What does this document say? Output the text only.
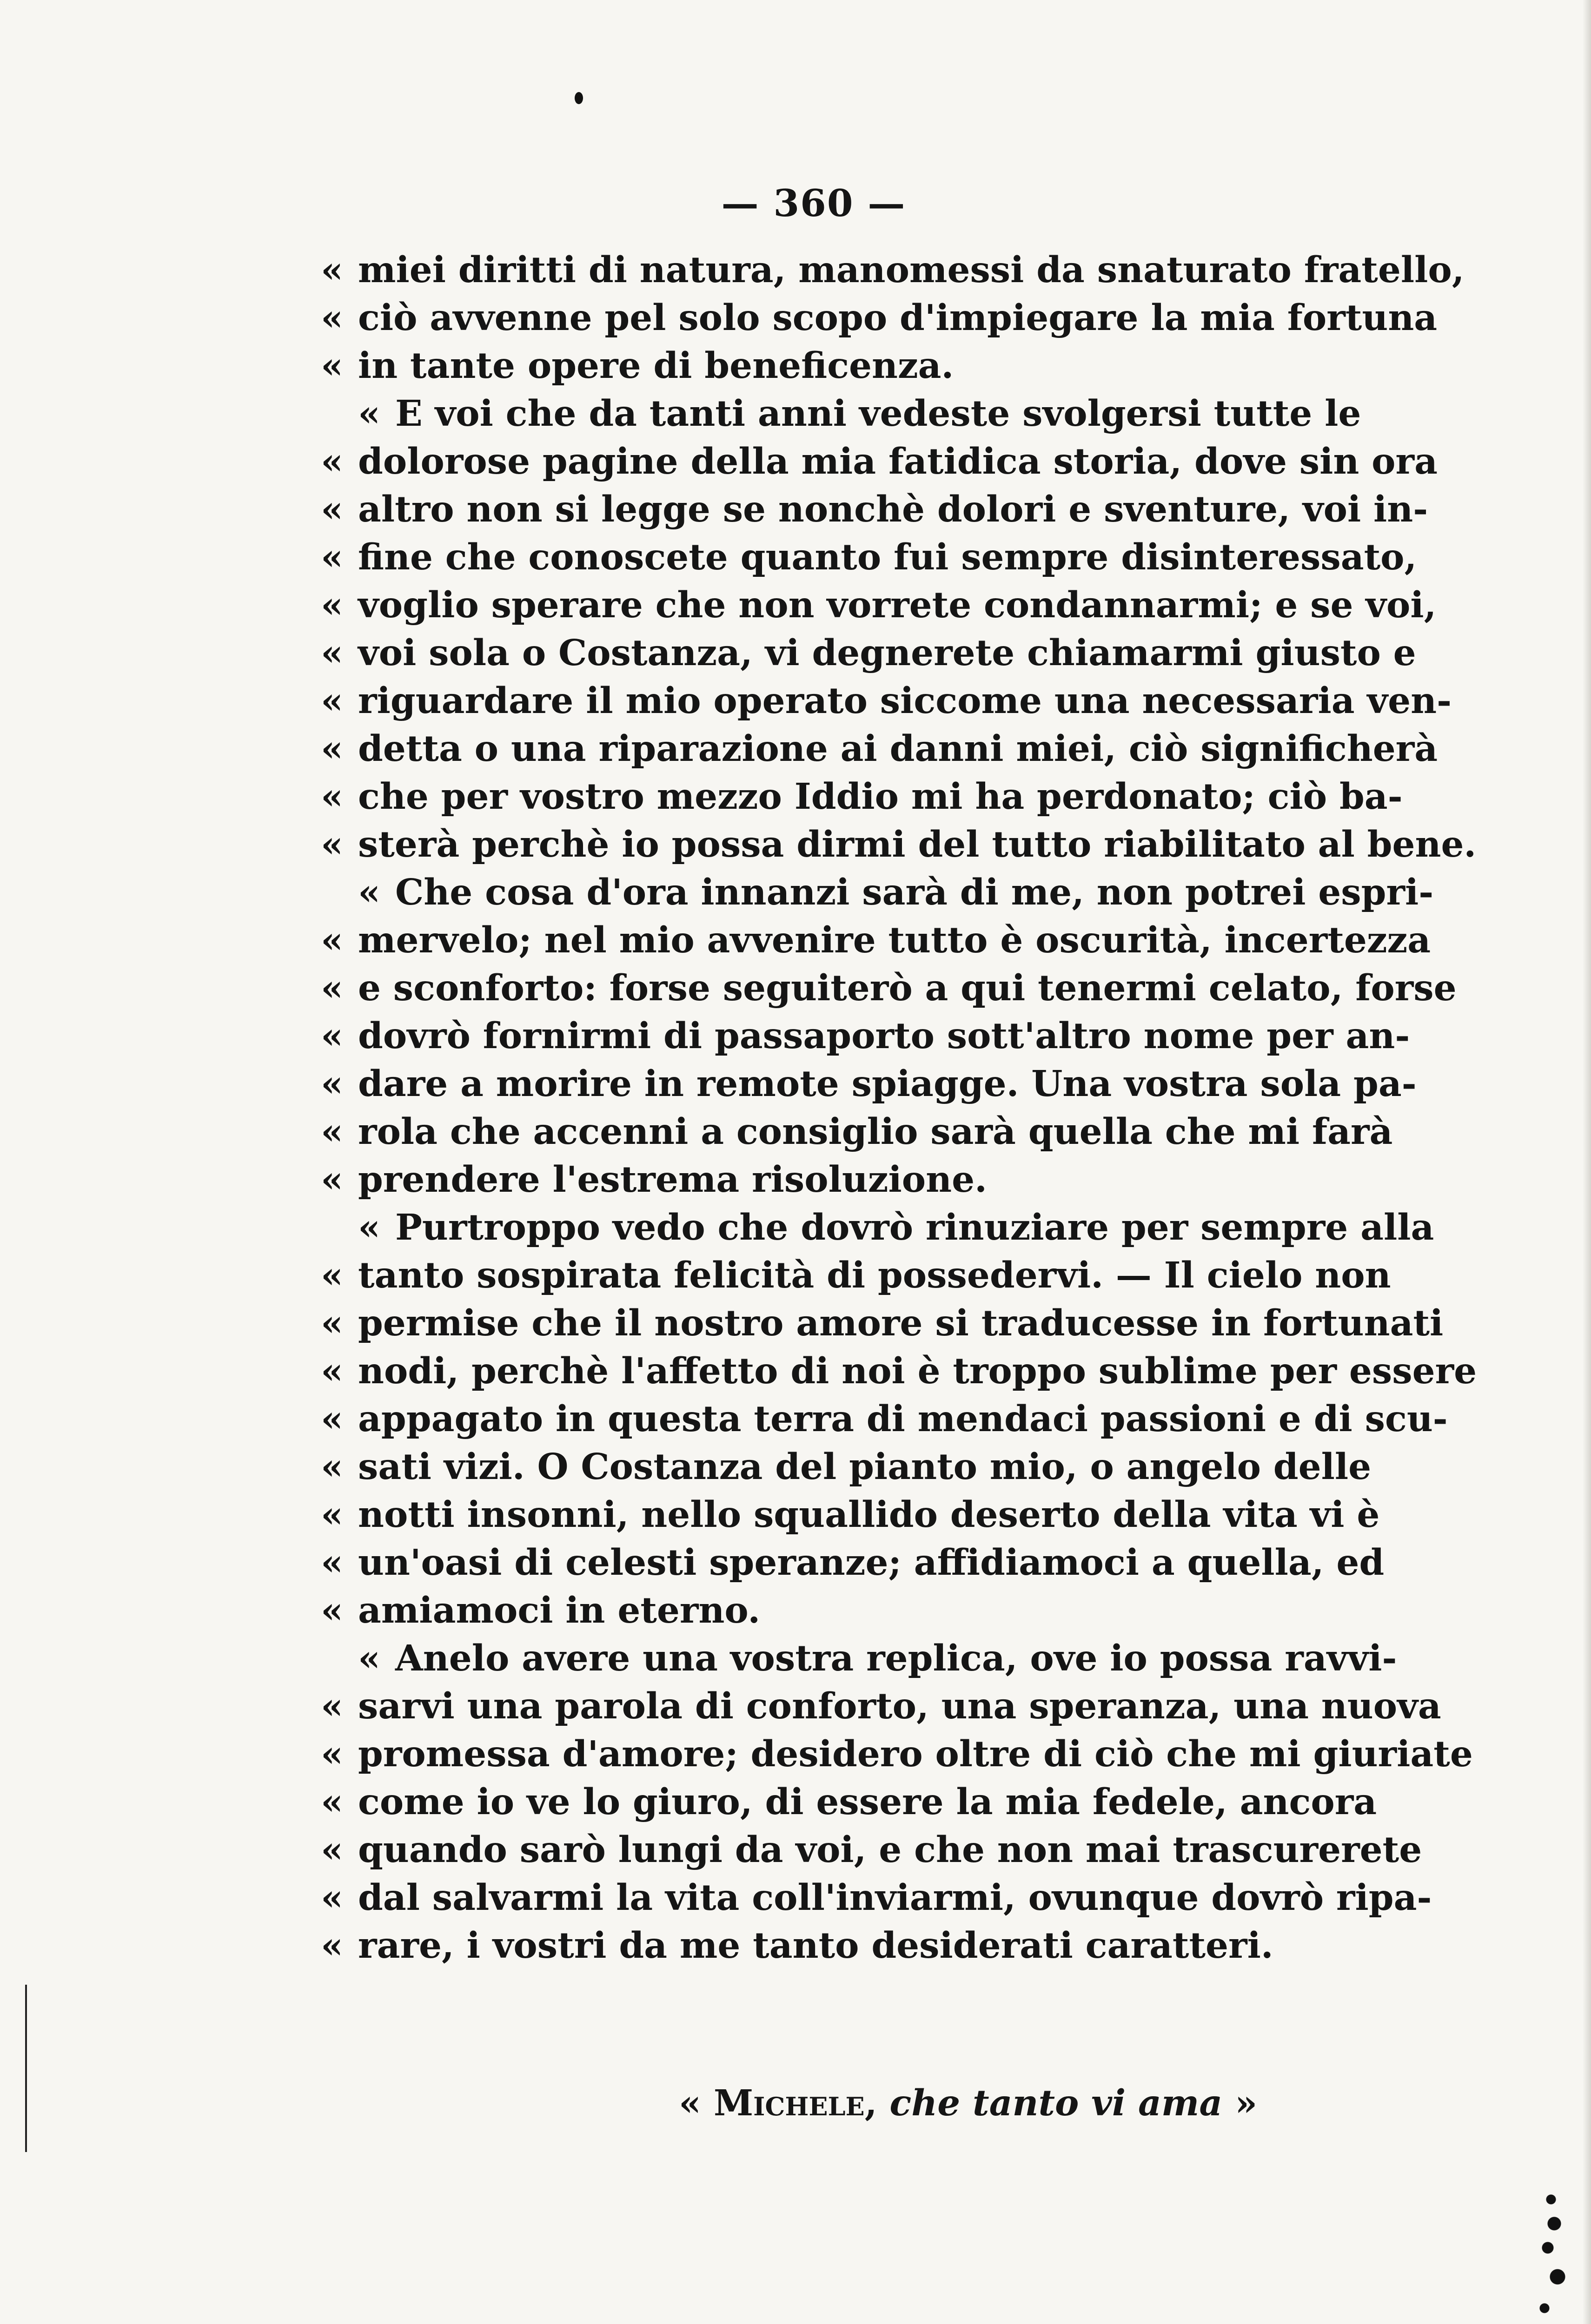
— 360 —
« miei diritti di natura, manomessi da snaturato fratello,
« ciò avvenne pel solo scopo d'impiegare la mia fortuna
« in tante opere di beneficenza.
« E voi che da tanti anni vedeste svolgersi tutte le
« dolorose pagine della mia fatidica storia, dove sin ora
« altro non si legge se nonchè dolori e sventure, voi in-
« fine che conoscete quanto fui sempre disinteressato,
« voglio sperare che non vorrete condannarmi; e se voi,
« voi sola o Costanza, vi degnerete chiamarmi giusto e
« riguardare il mio operato siccome una necessaria ven-
« detta o una riparazione ai danni miei, ciò significherà
« che per vostro mezzo Iddio mi ha perdonato; ciò ba-
« sterà perchè io possa dirmi del tutto riabilitato al bene.
« Che cosa d'ora innanzi sarà di me, non potrei espri-
« mervelo; nel mio avvenire tutto è oscurità, incertezza
« e sconforto: forse seguiterò a qui tenermi celato, forse
« dovrò fornirmi di passaporto sott'altro nome per an-
« dare a morire in remote spiagge. Una vostra sola pa-
« rola che accenni a consiglio sarà quella che mi farà
« prendere l'estrema risoluzione.
« Purtroppo vedo che dovrò rinuziare per sempre alla
« tanto sospirata felicità di possedervi. — Il cielo non
« permise che il nostro amore si traducesse in fortunati
« nodi, perchè l'affetto di noi è troppo sublime per essere
« appagato in questa terra di mendaci passioni e di scu-
« sati vizi. O Costanza del pianto mio, o angelo delle
« notti insonni, nello squallido deserto della vita vi è
« un'oasi di celesti speranze; affidiamoci a quella, ed
« amiamoci in eterno.
« Anelo avere una vostra replica, ove io possa ravvi-
« sarvi una parola di conforto, una speranza, una nuova
« promessa d'amore; desidero oltre di ciò che mi giuriate
« come io ve lo giuro, di essere la mia fedele, ancora
« quando sarò lungi da voi, e che non mai trascurerete
« dal salvarmi la vita coll'inviarmi, ovunque dovrò ripa-
« rare, i vostri da me tanto desiderati caratteri.
« Michele, che tanto vi ama »
